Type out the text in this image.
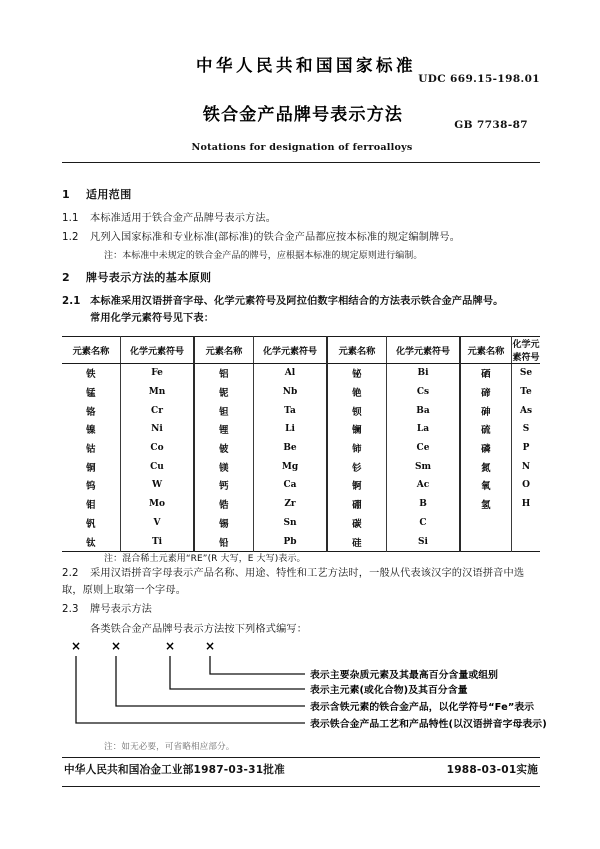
中华人民共和国国家标准
UDC 669.15-198.01
铁合金产品牌号表示方法	GB 7738-87
Notations for designation of ferroalloys
1 适用范围
1.1 本标准适用于铁合金产品牌号表示方法。
1.2 凡列入国家标准和专业标准(部标准)的铁合金产品都应按本标准的规定编制牌号。
注：本标准中未规定的铁合金产品的牌号，应根据本标准的规定原则进行编制。
2 牌号表示方法的基本原则
2.1 本标准采用汉语拼音字母、化学元素符号及阿拉伯数字相结合的方法表示铁合金产品牌号。
常用化学元素符号见下表：
元素名称	化学元素符号	元素名称	化学元素符号	元素名称	化学元素符号	元素名称	化学元素符号
铁	Fe	铝	Al	铋	Bi	硒	Se
锰	Mn	铌	Nb	铯	Cs	碲	Te
铬	Cr	钽	Ta	钡	Ba	砷	As
镍	Ni	锂	Li	镧	La	硫	S
钴	Co	铍	Be	铈	Ce	磷	P
铜	Cu	镁	Mg	钐	Sm	氮	N
钨	W	钙	Ca	锕	Ac	氧	O
钼	Mo	锆	Zr	硼	B	氢	H
钒	V	锡	Sn	碳	C		
钛	Ti	铅	Pb	硅	Si		
注：混合稀土元素用“RE”(R 大写，E 大写)表示。
2.2 采用汉语拼音字母表示产品名称、用途、特性和工艺方法时，一般从代表该汉字的汉语拼音中选
取，原则上取第一个字母。
2.3 牌号表示方法
各类铁合金产品牌号表示方法按下列格式编写：
× ×	× ×
表示主要杂质元素及其最高百分含量或组别
表示主元素(或化合物)及其百分含量
表示含铁元素的铁合金产品，以化学符号“Fe”表示
表示铁合金产品工艺和产品特性(以汉语拼音字母表示)
注：如无必要，可省略相应部分。
中华人民共和国冶金工业部1987-03-31批准	1988-03-01实施
